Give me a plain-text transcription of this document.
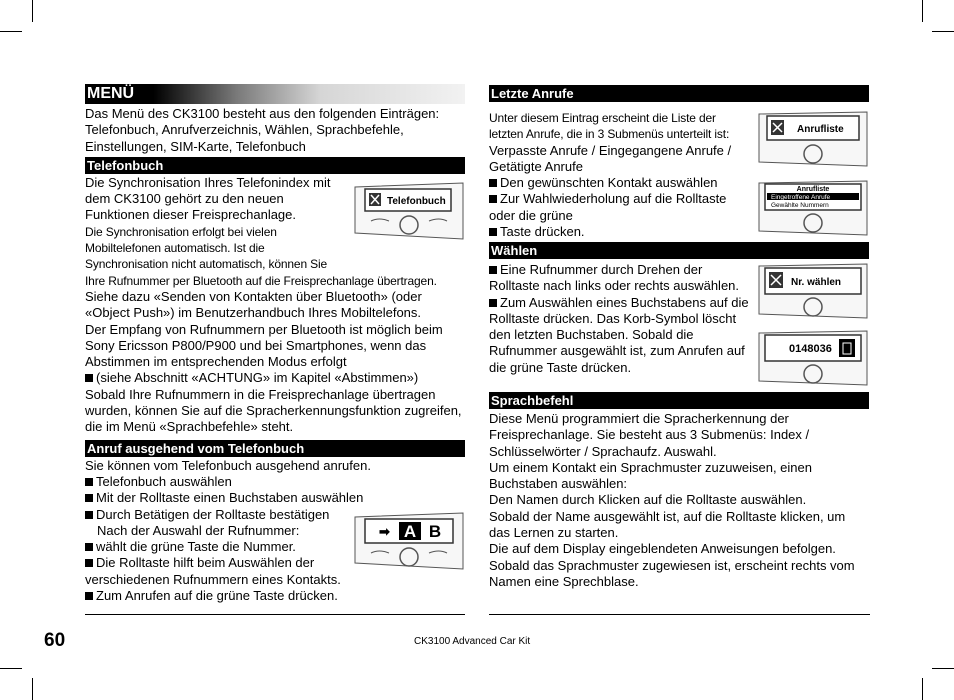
MENÜ

Das Menü des CK3100 besteht aus den folgenden Einträgen: Telefonbuch, Anrufverzeichnis, Wählen, Sprachbefehle, Einstellungen, SIM-Karte, Telefonbuch

Telefonbuch
Telefonbuch

Die Synchronisation Ihres Telefonindex mit dem CK3100 gehört zu den neuen Funktionen dieser Freisprechanlage.

Die Synchronisation erfolgt bei vielen Mobiltelefonen automatisch. Ist die Synchronisation nicht automatisch, können Sie

Ihre Rufnummer per Bluetooth auf die Freisprechanlage übertragen.

Siehe dazu «Senden von Kontakten über Bluetooth» (oder «Object Push») im Benutzerhandbuch Ihres Mobiltelefons.

Der Empfang von Rufnummern per Bluetooth ist möglich beim Sony Ericsson P800/P900 und bei Smartphones, wenn das Abstimmen im entsprechenden Modus erfolgt

(siehe Abschnitt «ACHTUNG» im Kapitel «Abstimmen»)

Sobald Ihre Rufnummern in die Freisprechanlage übertragen wurden, können Sie auf die Spracherkennungsfunktion zugreifen, die im Menü «Sprachbefehle» steht.

Anruf ausgehend vom Telefonbuch

Sie können vom Telefonbuch ausgehend anrufen.

Telefonbuch auswählen

Mit der Rolltaste einen Buchstaben auswählen

➡ A B

Durch Betätigen der Rolltaste bestätigen

Nach der Auswahl der Rufnummer:

wählt die grüne Taste die Nummer.

Die Rolltaste hilft beim Auswählen der verschiedenen Rufnummern eines Kontakts.

Zum Anrufen auf die grüne Taste drücken.

Letzte Anrufe
Anrufliste

Anrufliste
Eingetroffene Anrufe
Gewählte Nummern

Unter diesem Eintrag erscheint die Liste der letzten Anrufe, die in 3 Submenüs unterteilt ist:

Verpasste Anrufe / Eingegangene Anrufe / Getätigte Anrufe

Den gewünschten Kontakt auswählen

Zur Wahlwiederholung auf die Rolltaste oder die grüne

Taste drücken.

Wählen
Nr. wählen

0148036

Eine Rufnummer durch Drehen der Rolltaste nach links oder rechts auswählen.

Zum Auswählen eines Buchstabens auf die Rolltaste drücken. Das Korb-Symbol löscht den letzten Buchstaben. Sobald die Rufnummer ausgewählt ist, zum Anrufen auf die grüne Taste drücken.

Sprachbefehl

Diese Menü programmiert die Spracherkennung der Freisprechanlage. Sie besteht aus 3 Submenüs: Index / Schlüsselwörter / Sprachaufz. Auswahl.

Um einem Kontakt ein Sprachmuster zuzuweisen, einen Buchstaben auswählen:

Den Namen durch Klicken auf die Rolltaste auswählen.

Sobald der Name ausgewählt ist, auf die Rolltaste klicken, um das Lernen zu starten.

Die auf dem Display eingeblendeten Anweisungen befolgen.

Sobald das Sprachmuster zugewiesen ist, erscheint rechts vom Namen eine Sprechblase.

60	CK3100 Advanced Car Kit
